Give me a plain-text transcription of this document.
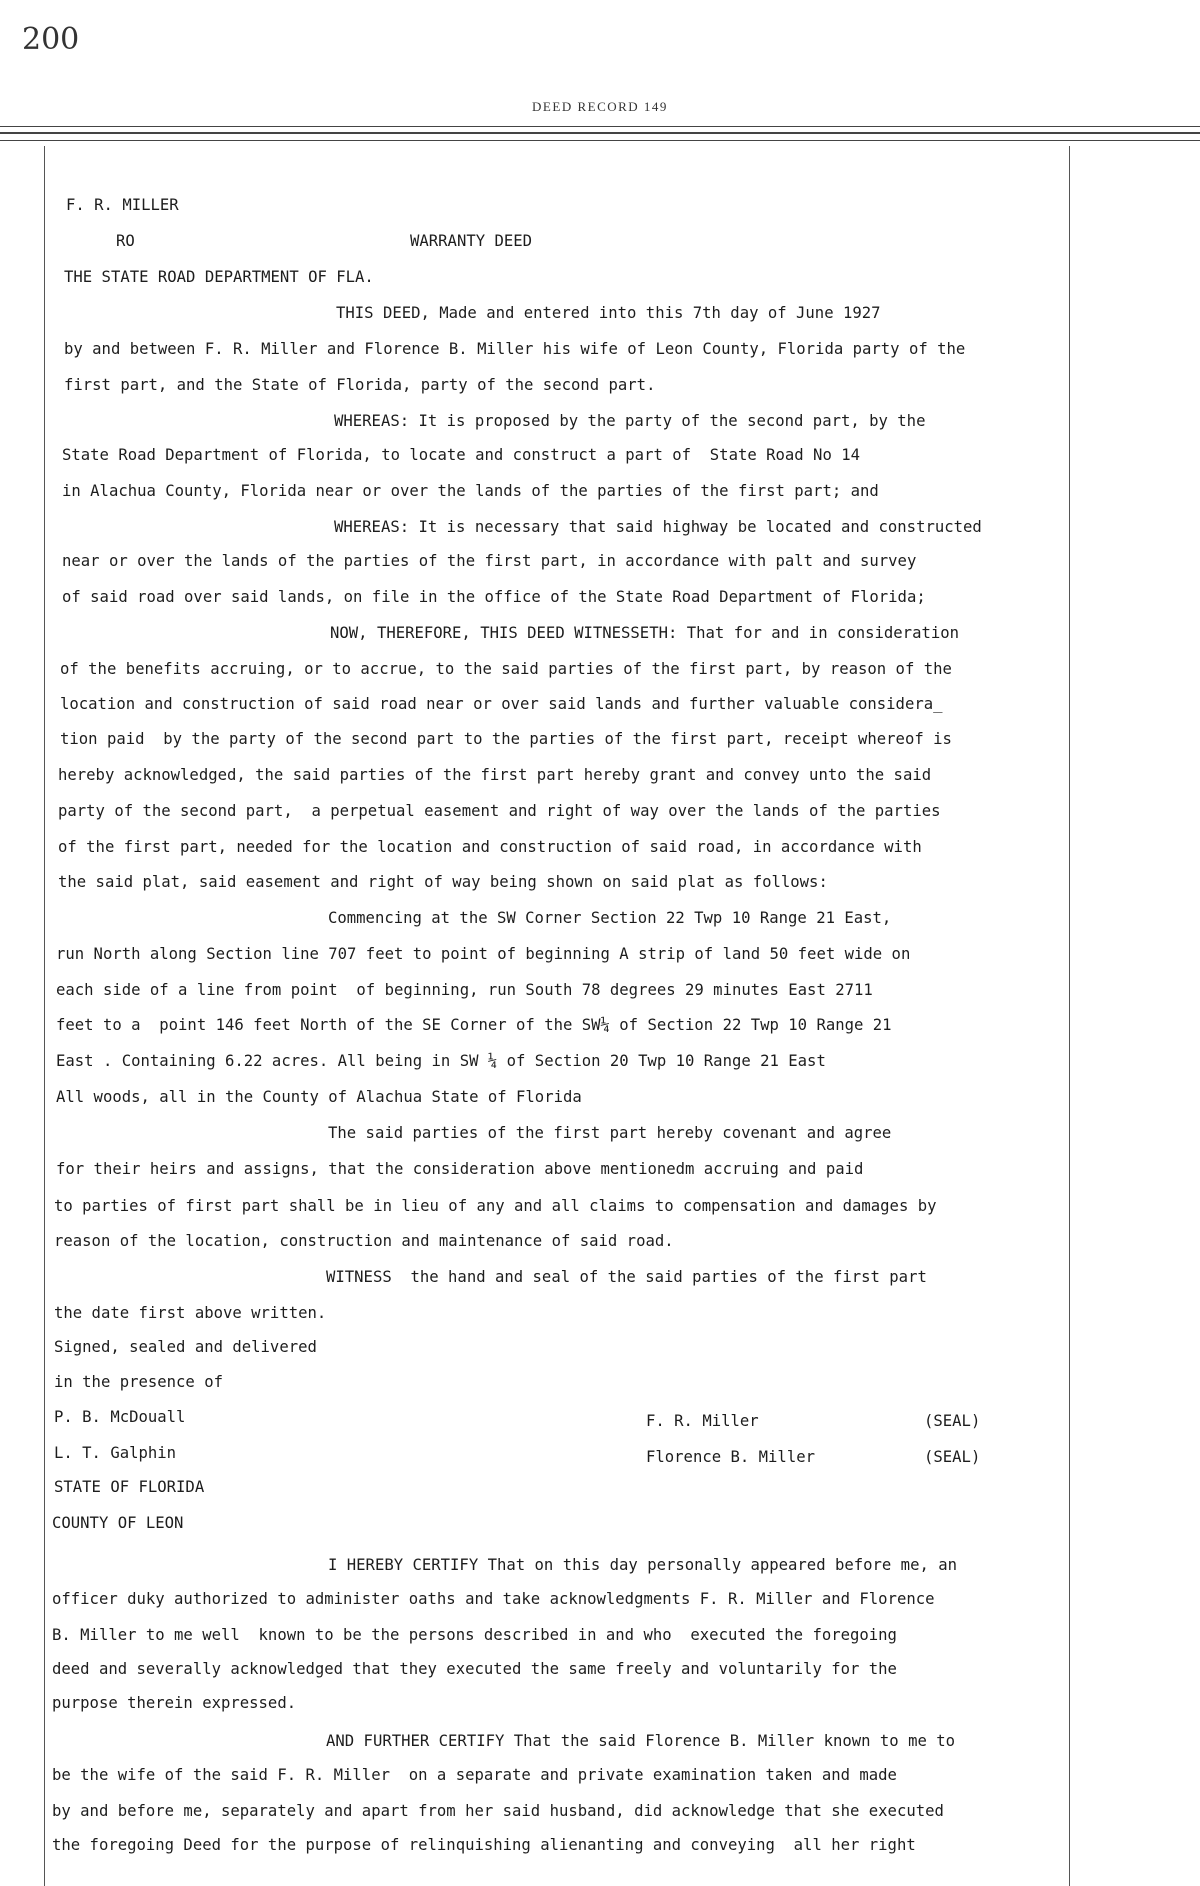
200
DEED RECORD 149
F. R. MILLER
RO	WARRANTY DEED
THE STATE ROAD DEPARTMENT OF FLA.
THIS DEED, Made and entered into this 7th day of June 1927
by and between F. R. Miller and Florence B. Miller his wife of Leon County, Florida party of the
first part, and the State of Florida, party of the second part.
WHEREAS: It is proposed by the party of the second part, by the
State Road Department of Florida, to locate and construct a part of  State Road No 14
in Alachua County, Florida near or over the lands of the parties of the first part; and
WHEREAS: It is necessary that said highway be located and constructed
near or over the lands of the parties of the first part, in accordance with palt and survey
of said road over said lands, on file in the office of the State Road Department of Florida;
NOW, THEREFORE, THIS DEED WITNESSETH: That for and in consideration
of the benefits accruing, or to accrue, to the said parties of the first part, by reason of the
location and construction of said road near or over said lands and further valuable considera_
tion paid  by the party of the second part to the parties of the first part, receipt whereof is
hereby acknowledged, the said parties of the first part hereby grant and convey unto the said
party of the second part,  a perpetual easement and right of way over the lands of the parties
of the first part, needed for the location and construction of said road, in accordance with
the said plat, said easement and right of way being shown on said plat as follows:
Commencing at the SW Corner Section 22 Twp 10 Range 21 East,
run North along Section line 707 feet to point of beginning A strip of land 50 feet wide on
each side of a line from point  of beginning, run South 78 degrees 29 minutes East 2711
feet to a  point 146 feet North of the SE Corner of the SW¼ of Section 22 Twp 10 Range 21
East . Containing 6.22 acres. All being in SW ¼ of Section 20 Twp 10 Range 21 East
All woods, all in the County of Alachua State of Florida
The said parties of the first part hereby covenant and agree
for their heirs and assigns, that the consideration above mentionedm accruing and paid
to parties of first part shall be in lieu of any and all claims to compensation and damages by
reason of the location, construction and maintenance of said road.
WITNESS  the hand and seal of the said parties of the first part
the date first above written.
Signed, sealed and delivered
in the presence of
P. B. McDouall
L. T. Galphin
STATE OF FLORIDA
COUNTY OF LEON
I HEREBY CERTIFY That on this day personally appeared before me, an
officer duky authorized to administer oaths and take acknowledgments F. R. Miller and Florence
B. Miller to me well  known to be the persons described in and who  executed the foregoing
deed and severally acknowledged that they executed the same freely and voluntarily for the
purpose therein expressed.
AND FURTHER CERTIFY That the said Florence B. Miller known to me to
be the wife of the said F. R. Miller  on a separate and private examination taken and made
by and before me, separately and apart from her said husband, did acknowledge that she executed
the foregoing Deed for the purpose of relinquishing alienanting and conveying  all her right
F. R. Miller	(SEAL)
Florence B. Miller	(SEAL)
